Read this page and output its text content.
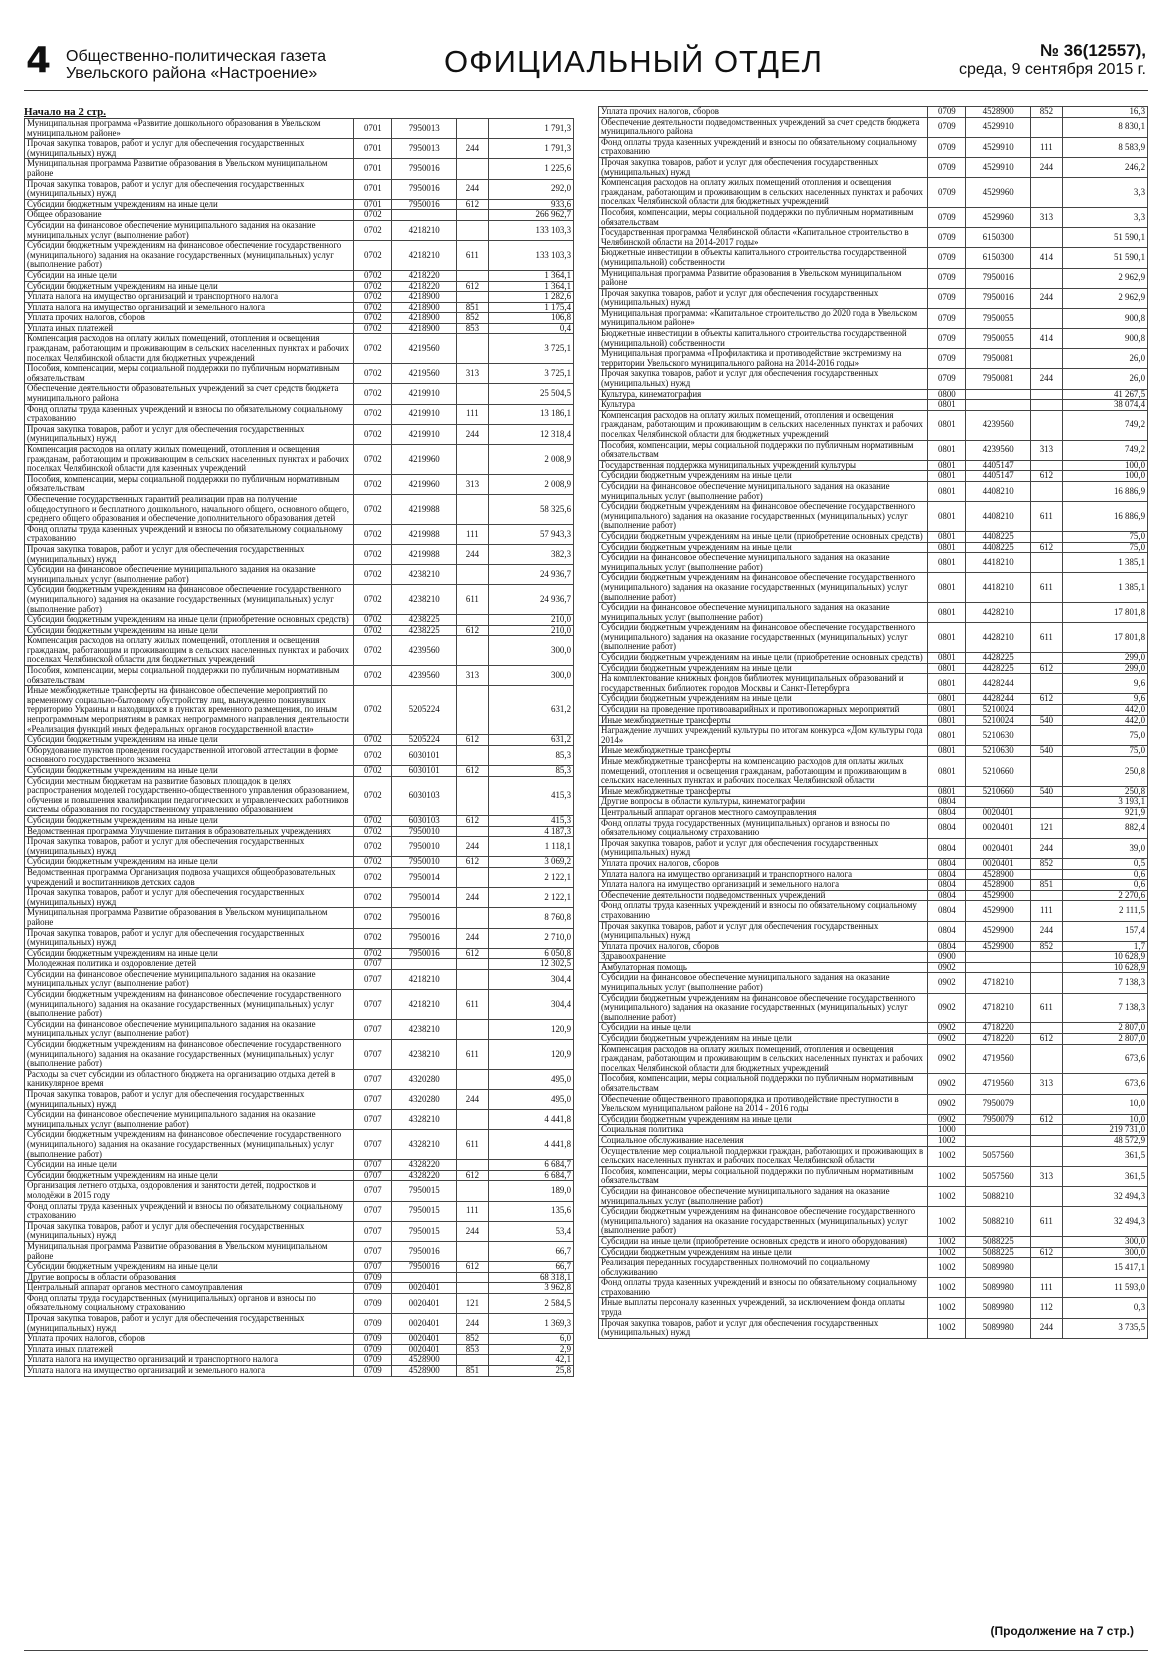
4 Общественно-политическая газета
Увельского района «Настроение»	ОФИЦИАЛЬНЫЙ ОТДЕЛ	№ 36(12557),
среда, 9 сентября 2015 г.
Начало на 2 стр.
Муниципальная программа «Развитие дошкольного образования в Увельском муниципальном районе»	0701	7950013		1 791,3
Прочая закупка товаров, работ и услуг для обеспечения государственных (муниципальных) нужд	0701	7950013	244	1 791,3
Муниципальная программа Развитие образования в Увельском муниципальном районе	0701	7950016		1 225,6
Прочая закупка товаров, работ и услуг для обеспечения государственных (муниципальных) нужд	0701	7950016	244	292,0
Субсидии бюджетным учреждениям на иные цели	0701	7950016	612	933,6
Общее образование	0702			266 962,7
Субсидии на финансовое обеспечение муниципального задания на оказание муниципальных услуг (выполнение работ)	0702	4218210		133 103,3
Субсидии бюджетным учреждениям на финансовое обеспечение государственного (муниципального) задания на оказание государственных (муниципальных) услуг (выполнение работ)	0702	4218210	611	133 103,3
Субсидии на иные цели	0702	4218220		1 364,1
Субсидии бюджетным учреждениям на иные цели	0702	4218220	612	1 364,1
Уплата налога на имущество организаций и транспортного налога	0702	4218900		1 282,6
Уплата налога на имущество организаций и земельного налога	0702	4218900	851	1 175,4
Уплата прочих налогов, сборов	0702	4218900	852	106,8
Уплата иных платежей	0702	4218900	853	0,4
Компенсация расходов на оплату жилых помещений, отопления и освещения гражданам, работающим и проживающим в сельских населенных пунктах и рабочих поселках Челябинской области для бюджетных учреждений	0702	4219560		3 725,1
Пособия, компенсации, меры социальной поддержки по публичным нормативным обязательствам	0702	4219560	313	3 725,1
Обеспечение деятельности образовательных учреждений за счет средств бюджета муниципального района	0702	4219910		25 504,5
Фонд оплаты труда казенных учреждений и взносы по обязательному социальному страхованию	0702	4219910	111	13 186,1
Прочая закупка товаров, работ и услуг для обеспечения государственных (муниципальных) нужд	0702	4219910	244	12 318,4
Компенсация расходов на оплату жилых помещений, отопления и освещения гражданам, работающим и проживающим в сельских населенных пунктах и рабочих поселках Челябинской области для казенных учреждений	0702	4219960		2 008,9
Пособия, компенсации, меры социальной поддержки по публичным нормативным обязательствам	0702	4219960	313	2 008,9
Обеспечение государственных гарантий реализации прав на получение общедоступного и бесплатного дошкольного, начального общего, основного общего, среднего общего образования и обеспечение дополнительного образования детей	0702	4219988		58 325,6
Фонд оплаты труда казенных учреждений и взносы по обязательному социальному страхованию	0702	4219988	111	57 943,3
Прочая закупка товаров, работ и услуг для обеспечения государственных (муниципальных) нужд	0702	4219988	244	382,3
Субсидии на финансовое обеспечение муниципального задания на оказание муниципальных услуг (выполнение работ)	0702	4238210		24 936,7
Субсидии бюджетным учреждениям на финансовое обеспечение государственного (муниципального) задания на оказание государственных (муниципальных) услуг (выполнение работ)	0702	4238210	611	24 936,7
Субсидии бюджетным учреждениям на иные цели (приобретение основных средств)	0702	4238225		210,0
Субсидии бюджетным учреждениям на иные цели	0702	4238225	612	210,0
Компенсация расходов на оплату жилых помещений, отопления и освещения гражданам, работающим и проживающим в сельских населенных пунктах и рабочих поселках Челябинской области для бюджетных учреждений	0702	4239560		300,0
Пособия, компенсации, меры социальной поддержки по публичным нормативным обязательствам	0702	4239560	313	300,0
Иные межбюджетные трансферты на финансовое обеспечение мероприятий по временному социально-бытовому обустройству лиц, вынужденно покинувших территорию Украины и находящихся в пунктах временного размещения, по иным непрограммным мероприятиям в рамках непрограммного направления деятельности «Реализация функций иных федеральных органов государственной власти»	0702	5205224		631,2
Субсидии бюджетным учреждениям на иные цели	0702	5205224	612	631,2
Оборудование пунктов проведения государственной итоговой аттестации в форме основного государственного экзамена	0702	6030101		85,3
Субсидии бюджетным учреждениям на иные цели	0702	6030101	612	85,3
Субсидии местным бюджетам на развитие базовых площадок в целях распространения моделей государственно-общественного управления образованием, обучения и повышения квалификации педагогических и управленческих работников системы образования по государственному управлению образованием	0702	6030103		415,3
Субсидии бюджетным учреждениям на иные цели	0702	6030103	612	415,3
Ведомственная программа Улучшение питания в образовательных учреждениях	0702	7950010		4 187,3
Прочая закупка товаров, работ и услуг для обеспечения государственных (муниципальных) нужд	0702	7950010	244	1 118,1
Субсидии бюджетным учреждениям на иные цели	0702	7950010	612	3 069,2
Ведомственная программа Организация подвоза учащихся общеобразовательных учреждений и воспитанников детских садов	0702	7950014		2 122,1
Прочая закупка товаров, работ и услуг для обеспечения государственных (муниципальных) нужд	0702	7950014	244	2 122,1
Муниципальная программа Развитие образования в Увельском муниципальном районе	0702	7950016		8 760,8
Прочая закупка товаров, работ и услуг для обеспечения государственных (муниципальных) нужд	0702	7950016	244	2 710,0
Субсидии бюджетным учреждениям на иные цели	0702	7950016	612	6 050,8
Молодежная политика и оздоровление детей	0707			12 302,5
Субсидии на финансовое обеспечение муниципального задания на оказание муниципальных услуг (выполнение работ)	0707	4218210		304,4
Субсидии бюджетным учреждениям на финансовое обеспечение государственного (муниципального) задания на оказание государственных (муниципальных) услуг (выполнение работ)	0707	4218210	611	304,4
Субсидии на финансовое обеспечение муниципального задания на оказание муниципальных услуг (выполнение работ)	0707	4238210		120,9
Субсидии бюджетным учреждениям на финансовое обеспечение государственного (муниципального) задания на оказание государственных (муниципальных) услуг (выполнение работ)	0707	4238210	611	120,9
Расходы за счет субсидии из областного бюджета на организацию отдыха детей в каникулярное время	0707	4320280		495,0
Прочая закупка товаров, работ и услуг для обеспечения государственных (муниципальных) нужд	0707	4320280	244	495,0
Субсидии на финансовое обеспечение муниципального задания на оказание муниципальных услуг (выполнение работ)	0707	4328210		4 441,8
Субсидии бюджетным учреждениям на финансовое обеспечение государственного (муниципального) задания на оказание государственных (муниципальных) услуг (выполнение работ)	0707	4328210	611	4 441,8
Субсидии на иные цели	0707	4328220		6 684,7
Субсидии бюджетным учреждениям на иные цели	0707	4328220	612	6 684,7
Организация летнего отдыха, оздоровления и занятости детей, подростков и молодёжи в 2015 году	0707	7950015		189,0
Фонд оплаты труда казенных учреждений и взносы по обязательному социальному страхованию	0707	7950015	111	135,6
Прочая закупка товаров, работ и услуг для обеспечения государственных (муниципальных) нужд	0707	7950015	244	53,4
Муниципальная программа Развитие образования в Увельском муниципальном районе	0707	7950016		66,7
Субсидии бюджетным учреждениям на иные цели	0707	7950016	612	66,7
Другие вопросы в области образования	0709			68 318,1
Центральный аппарат органов местного самоуправления	0709	0020401		3 962,8
Фонд оплаты труда государственных (муниципальных) органов и взносы по обязательному социальному страхованию	0709	0020401	121	2 584,5
Прочая закупка товаров, работ и услуг для обеспечения государственных (муниципальных) нужд	0709	0020401	244	1 369,3
Уплата прочих налогов, сборов	0709	0020401	852	6,0
Уплата иных платежей	0709	0020401	853	2,9
Уплата налога на имущество организаций и транспортного налога	0709	4528900		42,1
Уплата налога на имущество организаций и земельного налога	0709	4528900	851	25,8
Уплата прочих налогов, сборов	0709	4528900	852	16,3
Обеспечение деятельности подведомственных учреждений за счет средств бюджета муниципального района	0709	4529910		8 830,1
Фонд оплаты труда казенных учреждений и взносы по обязательному социальному страхованию	0709	4529910	111	8 583,9
Прочая закупка товаров, работ и услуг для обеспечения государственных (муниципальных) нужд	0709	4529910	244	246,2
Компенсация расходов на оплату жилых помещений отопления и освещения гражданам, работающим и проживающим в сельских населенных пунктах и рабочих поселках Челябинской области для бюджетных учреждений	0709	4529960		3,3
Пособия, компенсации, меры социальной поддержки по публичным нормативным обязательствам	0709	4529960	313	3,3
Государственная программа Челябинской области «Капитальное строительство в Челябинской области на 2014-2017 годы»	0709	6150300		51 590,1
Бюджетные инвестиции в объекты капитального строительства государственной (муниципальной) собственности	0709	6150300	414	51 590,1
Муниципальная программа Развитие образования в Увельском муниципальном районе	0709	7950016		2 962,9
Прочая закупка товаров, работ и услуг для обеспечения государственных (муниципальных) нужд	0709	7950016	244	2 962,9
Муниципальная программа: «Капитальное строительство до 2020 года в Увельском муниципальном районе»	0709	7950055		900,8
Бюджетные инвестиции в объекты капитального строительства государственной (муниципальной) собственности	0709	7950055	414	900,8
Муниципальная программа «Профилактика и противодействие экстремизму на территории Увельского муниципального района на 2014-2016 годы»	0709	7950081		26,0
Прочая закупка товаров, работ и услуг для обеспечения государственных (муниципальных) нужд	0709	7950081	244	26,0
Культура, кинематография	0800			41 267,5
Культура	0801			38 074,4
Компенсация расходов на оплату жилых помещений, отопления и освещения гражданам, работающим и проживающим в сельских населенных пунктах и рабочих поселках Челябинской области для бюджетных учреждений	0801	4239560		749,2
Пособия, компенсации, меры социальной поддержки по публичным нормативным обязательствам	0801	4239560	313	749,2
Государственная поддержка муниципальных учреждений культуры	0801	4405147		100,0
Субсидии бюджетным учреждениям на иные цели	0801	4405147	612	100,0
Субсидии на финансовое обеспечение муниципального задания на оказание муниципальных услуг (выполнение работ)	0801	4408210		16 886,9
Субсидии бюджетным учреждениям на финансовое обеспечение государственного (муниципального) задания на оказание государственных (муниципальных) услуг (выполнение работ)	0801	4408210	611	16 886,9
Субсидии бюджетным учреждениям на иные цели (приобретение основных средств)	0801	4408225		75,0
Субсидии бюджетным учреждениям на иные цели	0801	4408225	612	75,0
Субсидии на финансовое обеспечение муниципального задания на оказание муниципальных услуг (выполнение работ)	0801	4418210		1 385,1
Субсидии бюджетным учреждениям на финансовое обеспечение государственного (муниципального) задания на оказание государственных (муниципальных) услуг (выполнение работ)	0801	4418210	611	1 385,1
Субсидии на финансовое обеспечение муниципального задания на оказание муниципальных услуг (выполнение работ)	0801	4428210		17 801,8
Субсидии бюджетным учреждениям на финансовое обеспечение государственного (муниципального) задания на оказание государственных (муниципальных) услуг (выполнение работ)	0801	4428210	611	17 801,8
Субсидии бюджетным учреждениям на иные цели (приобретение основных средств)	0801	4428225		299,0
Субсидии бюджетным учреждениям на иные цели	0801	4428225	612	299,0
На комплектование книжных фондов библиотек муниципальных образований и государственных библиотек городов Москвы и Санкт-Петербурга	0801	4428244		9,6
Субсидии бюджетным учреждениям на иные цели	0801	4428244	612	9,6
Субсидии на проведение противоаварийных и противопожарных мероприятий	0801	5210024		442,0
Иные межбюджетные трансферты	0801	5210024	540	442,0
Награждение лучших учреждений культуры по итогам конкурса «Дом культуры года 2014»	0801	5210630		75,0
Иные межбюджетные трансферты	0801	5210630	540	75,0
Иные межбюджетные трансферты на компенсацию расходов для оплаты жилых помещений, отопления и освещения гражданам, работающим и проживающим в сельских населенных пунктах и рабочих поселках Челябинской области	0801	5210660		250,8
Иные межбюджетные трансферты	0801	5210660	540	250,8
Другие вопросы в области культуры, кинематографии	0804			3 193,1
Центральный аппарат органов местного самоуправления	0804	0020401		921,9
Фонд оплаты труда государственных (муниципальных) органов и взносы по обязательному социальному страхованию	0804	0020401	121	882,4
Прочая закупка товаров, работ и услуг для обеспечения государственных (муниципальных) нужд	0804	0020401	244	39,0
Уплата прочих налогов, сборов	0804	0020401	852	0,5
Уплата налога на имущество организаций и транспортного налога	0804	4528900		0,6
Уплата налога на имущество организаций и земельного налога	0804	4528900	851	0,6
Обеспечение деятельности подведомственных учреждений	0804	4529900		2 270,6
Фонд оплаты труда казенных учреждений и взносы по обязательному социальному страхованию	0804	4529900	111	2 111,5
Прочая закупка товаров, работ и услуг для обеспечения государственных (муниципальных) нужд	0804	4529900	244	157,4
Уплата прочих налогов, сборов	0804	4529900	852	1,7
Здравоохранение	0900			10 628,9
Амбулаторная помощь	0902			10 628,9
Субсидии на финансовое обеспечение муниципального задания на оказание муниципальных услуг (выполнение работ)	0902	4718210		7 138,3
Субсидии бюджетным учреждениям на финансовое обеспечение государственного (муниципального) задания на оказание государственных (муниципальных) услуг (выполнение работ)	0902	4718210	611	7 138,3
Субсидии на иные цели	0902	4718220		2 807,0
Субсидии бюджетным учреждениям на иные цели	0902	4718220	612	2 807,0
Компенсация расходов на оплату жилых помещений, отопления и освещения гражданам, работающим и проживающим в сельских населенных пунктах и рабочих поселках Челябинской области для бюджетных учреждений	0902	4719560		673,6
Пособия, компенсации, меры социальной поддержки по публичным нормативным обязательствам	0902	4719560	313	673,6
Обеспечение общественного правопорядка и противодействие преступности в Увельском муниципальном районе на 2014 - 2016 годы	0902	7950079		10,0
Субсидии бюджетным учреждениям на иные цели	0902	7950079	612	10,0
Социальная политика	1000			219 731,0
Социальное обслуживание населения	1002			48 572,9
Осуществление мер социальной поддержки граждан, работающих и проживающих в сельских населенных пунктах и рабочих поселках Челябинской области	1002	5057560		361,5
Пособия, компенсации, меры социальной поддержки по публичным нормативным обязательствам	1002	5057560	313	361,5
Субсидии на финансовое обеспечение муниципального задания на оказание муниципальных услуг (выполнение работ)	1002	5088210		32 494,3
Субсидии бюджетным учреждениям на финансовое обеспечение государственного (муниципального) задания на оказание государственных (муниципальных) услуг (выполнение работ)	1002	5088210	611	32 494,3
Субсидии на иные цели (приобретение основных средств и иного оборудования)	1002	5088225		300,0
Субсидии бюджетным учреждениям на иные цели	1002	5088225	612	300,0
Реализация переданных государственных полномочий по социальному обслуживанию	1002	5089980		15 417,1
Фонд оплаты труда казенных учреждений и взносы по обязательному социальному страхованию	1002	5089980	111	11 593,0
Иные выплаты персоналу казенных учреждений, за исключением фонда оплаты труда	1002	5089980	112	0,3
Прочая закупка товаров, работ и услуг для обеспечения государственных (муниципальных) нужд	1002	5089980	244	3 735,5
(Продолжение на 7 стр.)
